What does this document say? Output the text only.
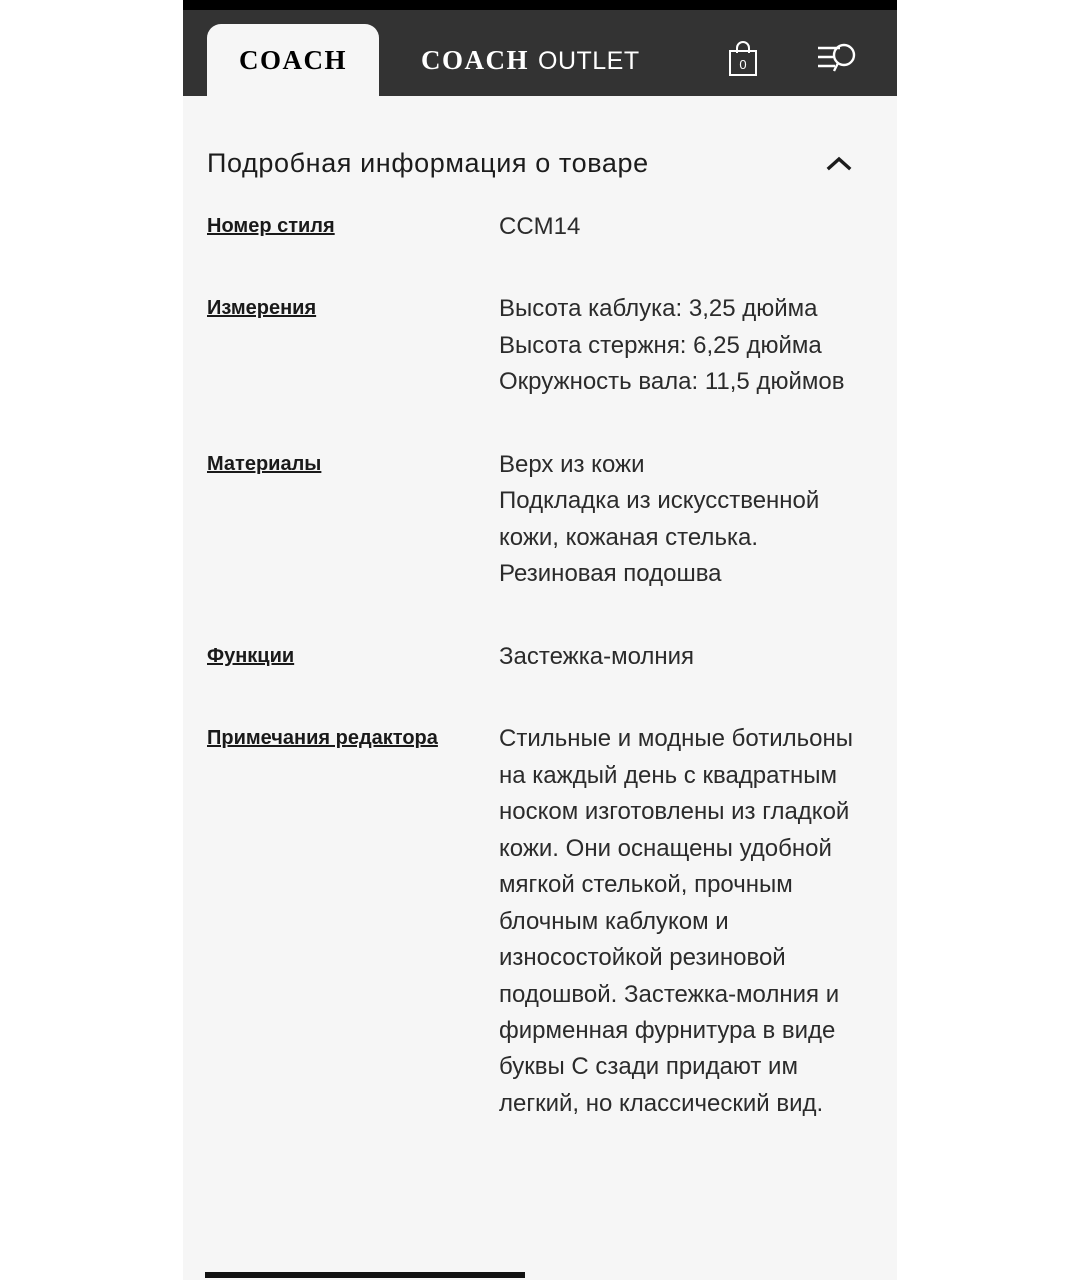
COACH	COACH OUTLET	0
Подробная информация о товаре
Номер стиля	CCM14
Измерения	Высота каблука: 3,25 дюйма
Высота стержня: 6,25 дюйма
Окружность вала: 11,5 дюймов
Материалы	Верх из кожи
Подкладка из искусственной кожи, кожаная стелька.
Резиновая подошва
Функции	Застежка-молния
Примечания редактора	Стильные и модные ботильоны на каждый день с квадратным носком изготовлены из гладкой кожи. Они оснащены удобной мягкой стелькой, прочным блочным каблуком и износостойкой резиновой подошвой. Застежка-молния и фирменная фурнитура в виде буквы С сзади придают им легкий, но классический вид.
